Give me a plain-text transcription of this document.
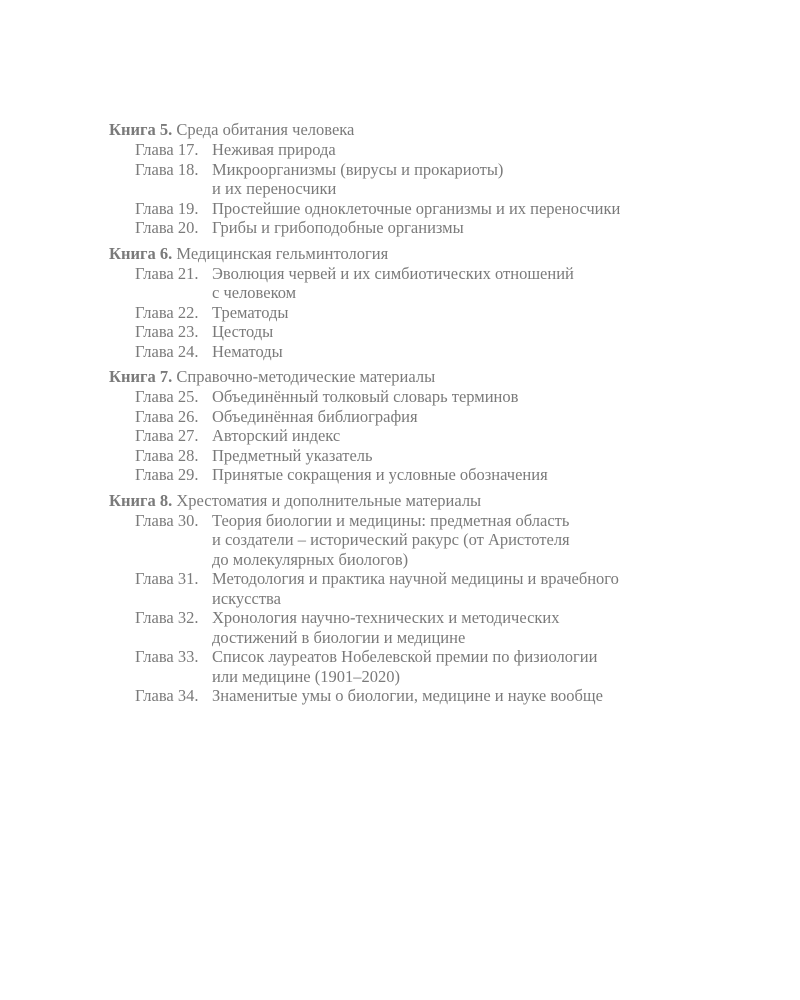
Книга 5. Среда обитания человека
Глава 17. Неживая природа
Глава 18. Микроорганизмы (вирусы и прокариоты)
и их переносчики
Глава 19. Простейшие одноклеточные организмы и их переносчики
Глава 20. Грибы и грибоподобные организмы
Книга 6. Медицинская гельминтология
Глава 21. Эволюция червей и их симбиотических отношений
с человеком
Глава 22. Трематоды
Глава 23. Цестоды
Глава 24. Нематоды
Книга 7. Справочно-методические материалы
Глава 25. Объединённый толковый словарь терминов
Глава 26. Объединённая библиография
Глава 27. Авторский индекс
Глава 28. Предметный указатель
Глава 29. Принятые сокращения и условные обозначения
Книга 8. Хрестоматия и дополнительные материалы
Глава 30. Теория биологии и медицины: предметная область
и создатели – исторический ракурс (от Аристотеля
до молекулярных биологов)
Глава 31. Методология и практика научной медицины и врачебного
искусства
Глава 32. Хронология научно-технических и методических
достижений в биологии и медицине
Глава 33. Список лауреатов Нобелевской премии по физиологии
или медицине (1901–2020)
Глава 34. Знаменитые умы о биологии, медицине и науке вообще
